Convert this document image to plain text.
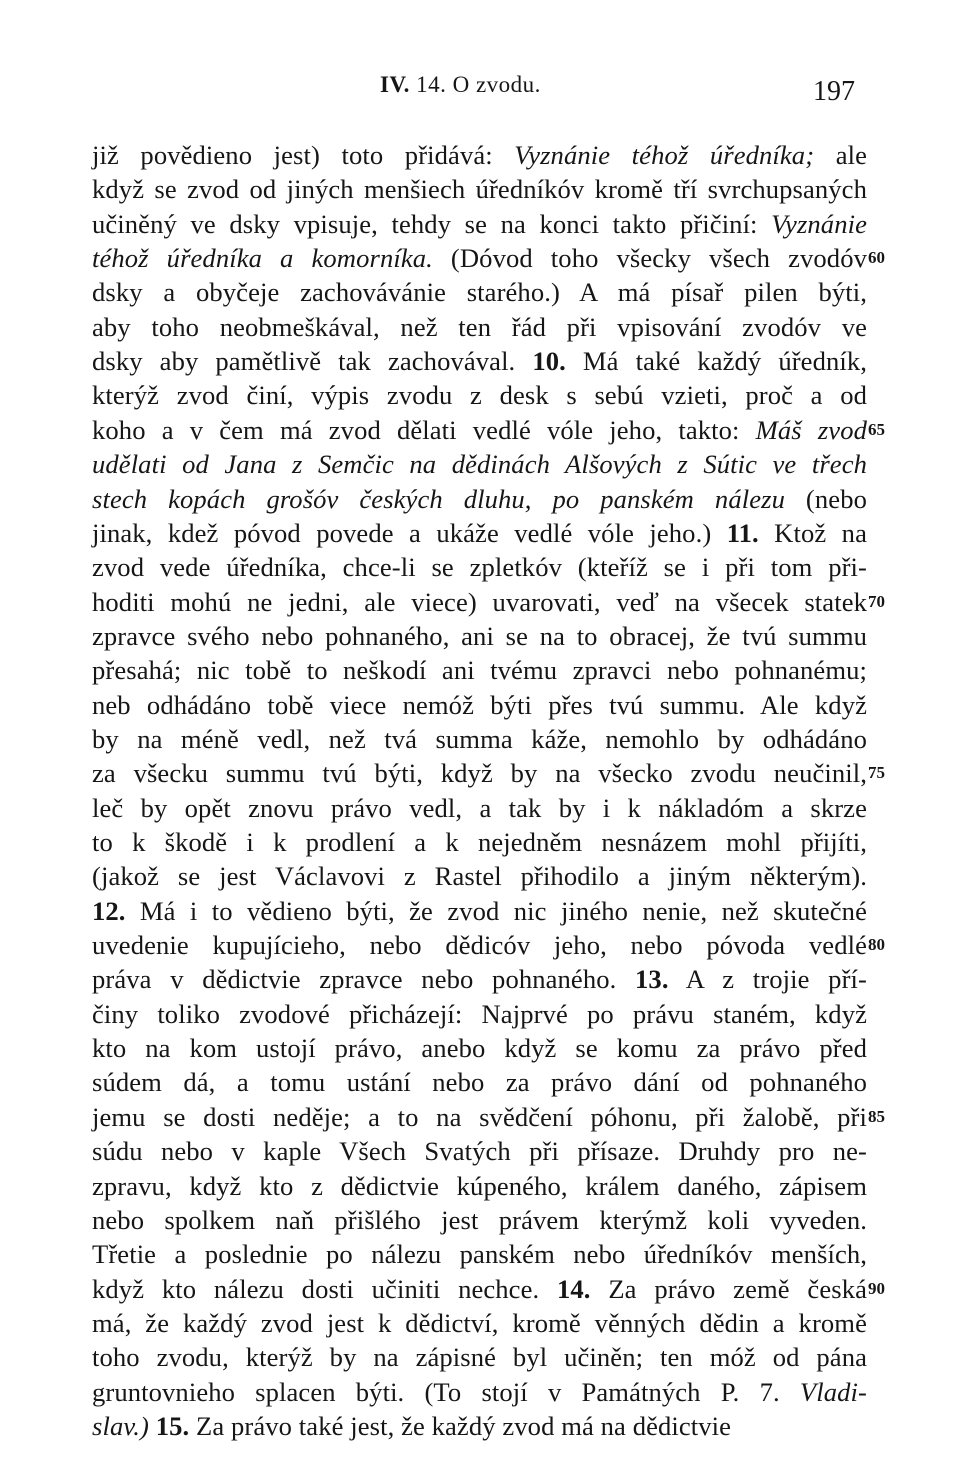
IV. 14. O zvodu.	197
již povědieno jest) toto přidává: Vyznánie téhož úředníka; ale
když se zvod od jiných menšiech úředníkóv kromě tří svrchupsaných
učiněný ve dsky vpisuje, tehdy se na konci takto přičiní: Vyznánie
téhož úředníka a komorníka. (Dóvod toho všecky všech zvodóv
dsky a obyčeje zachovávánie starého.) A má písař pilen býti,
aby toho neobmeškával, než ten řád při vpisování zvodóv ve
dsky aby pamětlivě tak zachovával. 10. Má také každý úředník,
kterýž zvod činí, výpis zvodu z desk s sebú vzieti, proč a od
koho a v čem má zvod dělati vedlé vóle jeho, takto: Máš zvod
udělati od Jana z Semčic na dědinách Alšových z Sútic ve třech
stech kopách grošóv českých dluhu, po panském nálezu (nebo
jinak, kdež póvod povede a ukáže vedlé vóle jeho.) 11. Ktož na
zvod vede úředníka, chce-li se zpletkóv (kteříž se i při tom při-
hoditi mohú ne jedni, ale viece) uvarovati, veď na všecek statek
zpravce svého nebo pohnaného, ani se na to obracej, že tvú summu
přesahá; nic tobě to neškodí ani tvému zpravci nebo pohnanému;
neb odhádáno tobě viece nemóž býti přes tvú summu. Ale když
by na méně vedl, než tvá summa káže, nemohlo by odhádáno
za všecku summu tvú býti, když by na všecko zvodu neučinil,
leč by opět znovu právo vedl, a tak by i k nákladóm a skrze
to k škodě i k prodlení a k nejedněm nesnázem mohl přijíti,
(jakož se jest Václavovi z Rastel přihodilo a jiným některým).
12. Má i to vědieno býti, že zvod nic jiného nenie, než skutečné
uvedenie kupujícieho, nebo dědicóv jeho, nebo póvoda vedlé
práva v dědictvie zpravce nebo pohnaného. 13. A z trojie pří-
činy toliko zvodové přicházejí: Najprvé po právu staném, když
kto na kom ustojí právo, anebo když se komu za právo před
súdem dá, a tomu ustání nebo za právo dání od pohnaného
jemu se dosti neděje; a to na svědčení póhonu, při žalobě, při
súdu nebo v kaple Všech Svatých při přísaze. Druhdy pro ne-
zpravu, když kto z dědictvie kúpeného, králem daného, zápisem
nebo spolkem naň přišlého jest právem kterýmž koli vyveden.
Třetie a poslednie po nálezu panském nebo úředníkóv menších,
když kto nálezu dosti učiniti nechce. 14. Za právo země česká
má, že každý zvod jest k dědictví, kromě věnných dědin a kromě
toho zvodu, kterýž by na zápisné byl učiněn; ten móž od pána
gruntovnieho splacen býti. (To stojí v Památných P. 7. Vladi-
slav.) 15. Za právo také jest, že každý zvod má na dědictvie
60
65
70
75
80
85
90
